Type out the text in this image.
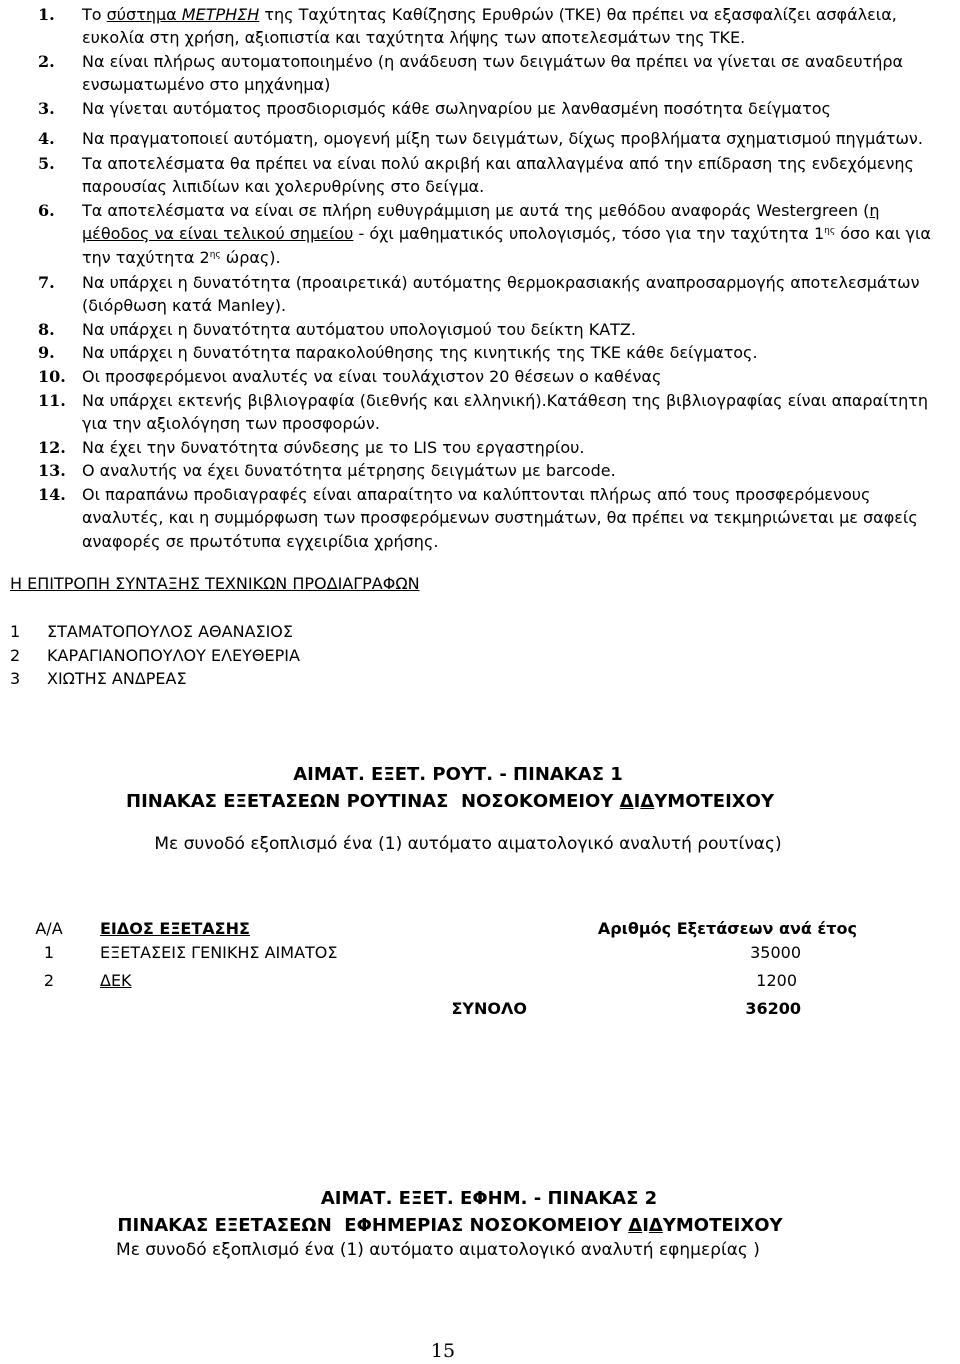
1. Το σύστημα ΜΕΤΡΗΣΗ της Ταχύτητας Καθίζησης Ερυθρών (ΤΚΕ) θα πρέπει να εξασφαλίζει ασφάλεια, ευκολία στη χρήση, αξιοπιστία και ταχύτητα λήψης των αποτελεσμάτων της ΤΚΕ.
2. Να είναι πλήρως αυτοματοποιημένο (η ανάδευση των δειγμάτων θα πρέπει να γίνεται σε αναδευτήρα ενσωματωμένο στο μηχάνημα)
3. Να γίνεται αυτόματος προσδιορισμός κάθε σωληναρίου με λανθασμένη ποσότητα δείγματος
4. Να πραγματοποιεί αυτόματη, ομογενή μίξη των δειγμάτων, δίχως προβλήματα σχηματισμού πηγμάτων.
5. Τα αποτελέσματα θα πρέπει να είναι πολύ ακριβή και απαλλαγμένα από την επίδραση της ενδεχόμενης παρουσίας λιπιδίων και χολερυθρίνης στο δείγμα.
6. Τα αποτελέσματα να είναι σε πλήρη ευθυγράμμιση με αυτά της μεθόδου αναφοράς Westergreen (η μέθοδος να είναι τελικού σημείου - όχι μαθηματικός υπολογισμός, τόσο για την ταχύτητα $1^{\eta\varsigma}$ όσο και για την ταχύτητα $2^{\eta\varsigma}$ ώρας).
7. Να υπάρχει η δυνατότητα (προαιρετικά) αυτόματης θερμοκρασιακής αναπροσαρμογής αποτελεσμάτων (διόρθωση κατά Manley).
8. Να υπάρχει η δυνατότητα αυτόματου υπολογισμού του δείκτη ΚΑΤΖ.
9. Να υπάρχει η δυνατότητα παρακολούθησης της κινητικής της ΤΚΕ κάθε δείγματος.
10. Οι προσφερόμενοι αναλυτές να είναι τουλάχιστον 20 θέσεων ο καθένας
11. Να υπάρχει εκτενής βιβλιογραφία (διεθνής και ελληνική).Κατάθεση της βιβλιογραφίας είναι απαραίτητη για την αξιολόγηση των προσφορών.
12. Να έχει την δυνατότητα σύνδεσης με το LIS του εργαστηρίου.
13. Ο αναλυτής να έχει δυνατότητα μέτρησης δειγμάτων με barcode.
14. Οι παραπάνω προδιαγραφές είναι απαραίτητο να καλύπτονται πλήρως από τους προσφερόμενους αναλυτές, και η συμμόρφωση των προσφερόμενων συστημάτων, θα πρέπει να τεκμηριώνεται με σαφείς αναφορές σε πρωτότυπα εγχειρίδια χρήσης.
Η ΕΠΙΤΡΟΠΗ ΣΥΝΤΑΞΗΣ ΤΕΧΝΙΚΩΝ ΠΡΟΔΙΑΓΡΑΦΩΝ
1 ΣΤΑΜΑΤΟΠΟΥΛΟΣ ΑΘΑΝΑΣΙΟΣ
2 ΚΑΡΑΓΙΑΝΟΠΟΥΛΟΥ ΕΛΕΥΘΕΡΙΑ
3 ΧΙΩΤΗΣ ΑΝΔΡΕΑΣ
ΑΙΜΑΤ. ΕΞΕΤ. ΡΟΥΤ. - ΠΙΝΑΚΑΣ 1
ΠΙΝΑΚΑΣ ΕΞΕΤΑΣΕΩΝ ΡΟΥΤΙΝΑΣ  ΝΟΣΟΚΟΜΕΙΟΥ ΔΙΔΥΜΟΤΕΙΧΟΥ
Με συνοδό εξοπλισμό ένα (1) αυτόματο αιματολογικό αναλυτή ρουτίνας)
Α/Α	ΕΙΔΟΣ ΕΞΕΤΑΣΗΣ	Αριθμός Εξετάσεων ανά έτος
1	ΕΞΕΤΑΣΕΙΣ ΓΕΝΙΚΗΣ ΑΙΜΑΤΟΣ	35000
2	ΔΕΚ	1200
	ΣΥΝΟΛΟ	36200
ΑΙΜΑΤ. ΕΞΕΤ. ΕΦΗΜ. - ΠΙΝΑΚΑΣ 2
ΠΙΝΑΚΑΣ ΕΞΕΤΑΣΕΩΝ  ΕΦΗΜΕΡΙΑΣ ΝΟΣΟΚΟΜΕΙΟΥ ΔΙΔΥΜΟΤΕΙΧΟΥ
Με συνοδό εξοπλισμό ένα (1) αυτόματο αιματολογικό αναλυτή εφημερίας )
15
